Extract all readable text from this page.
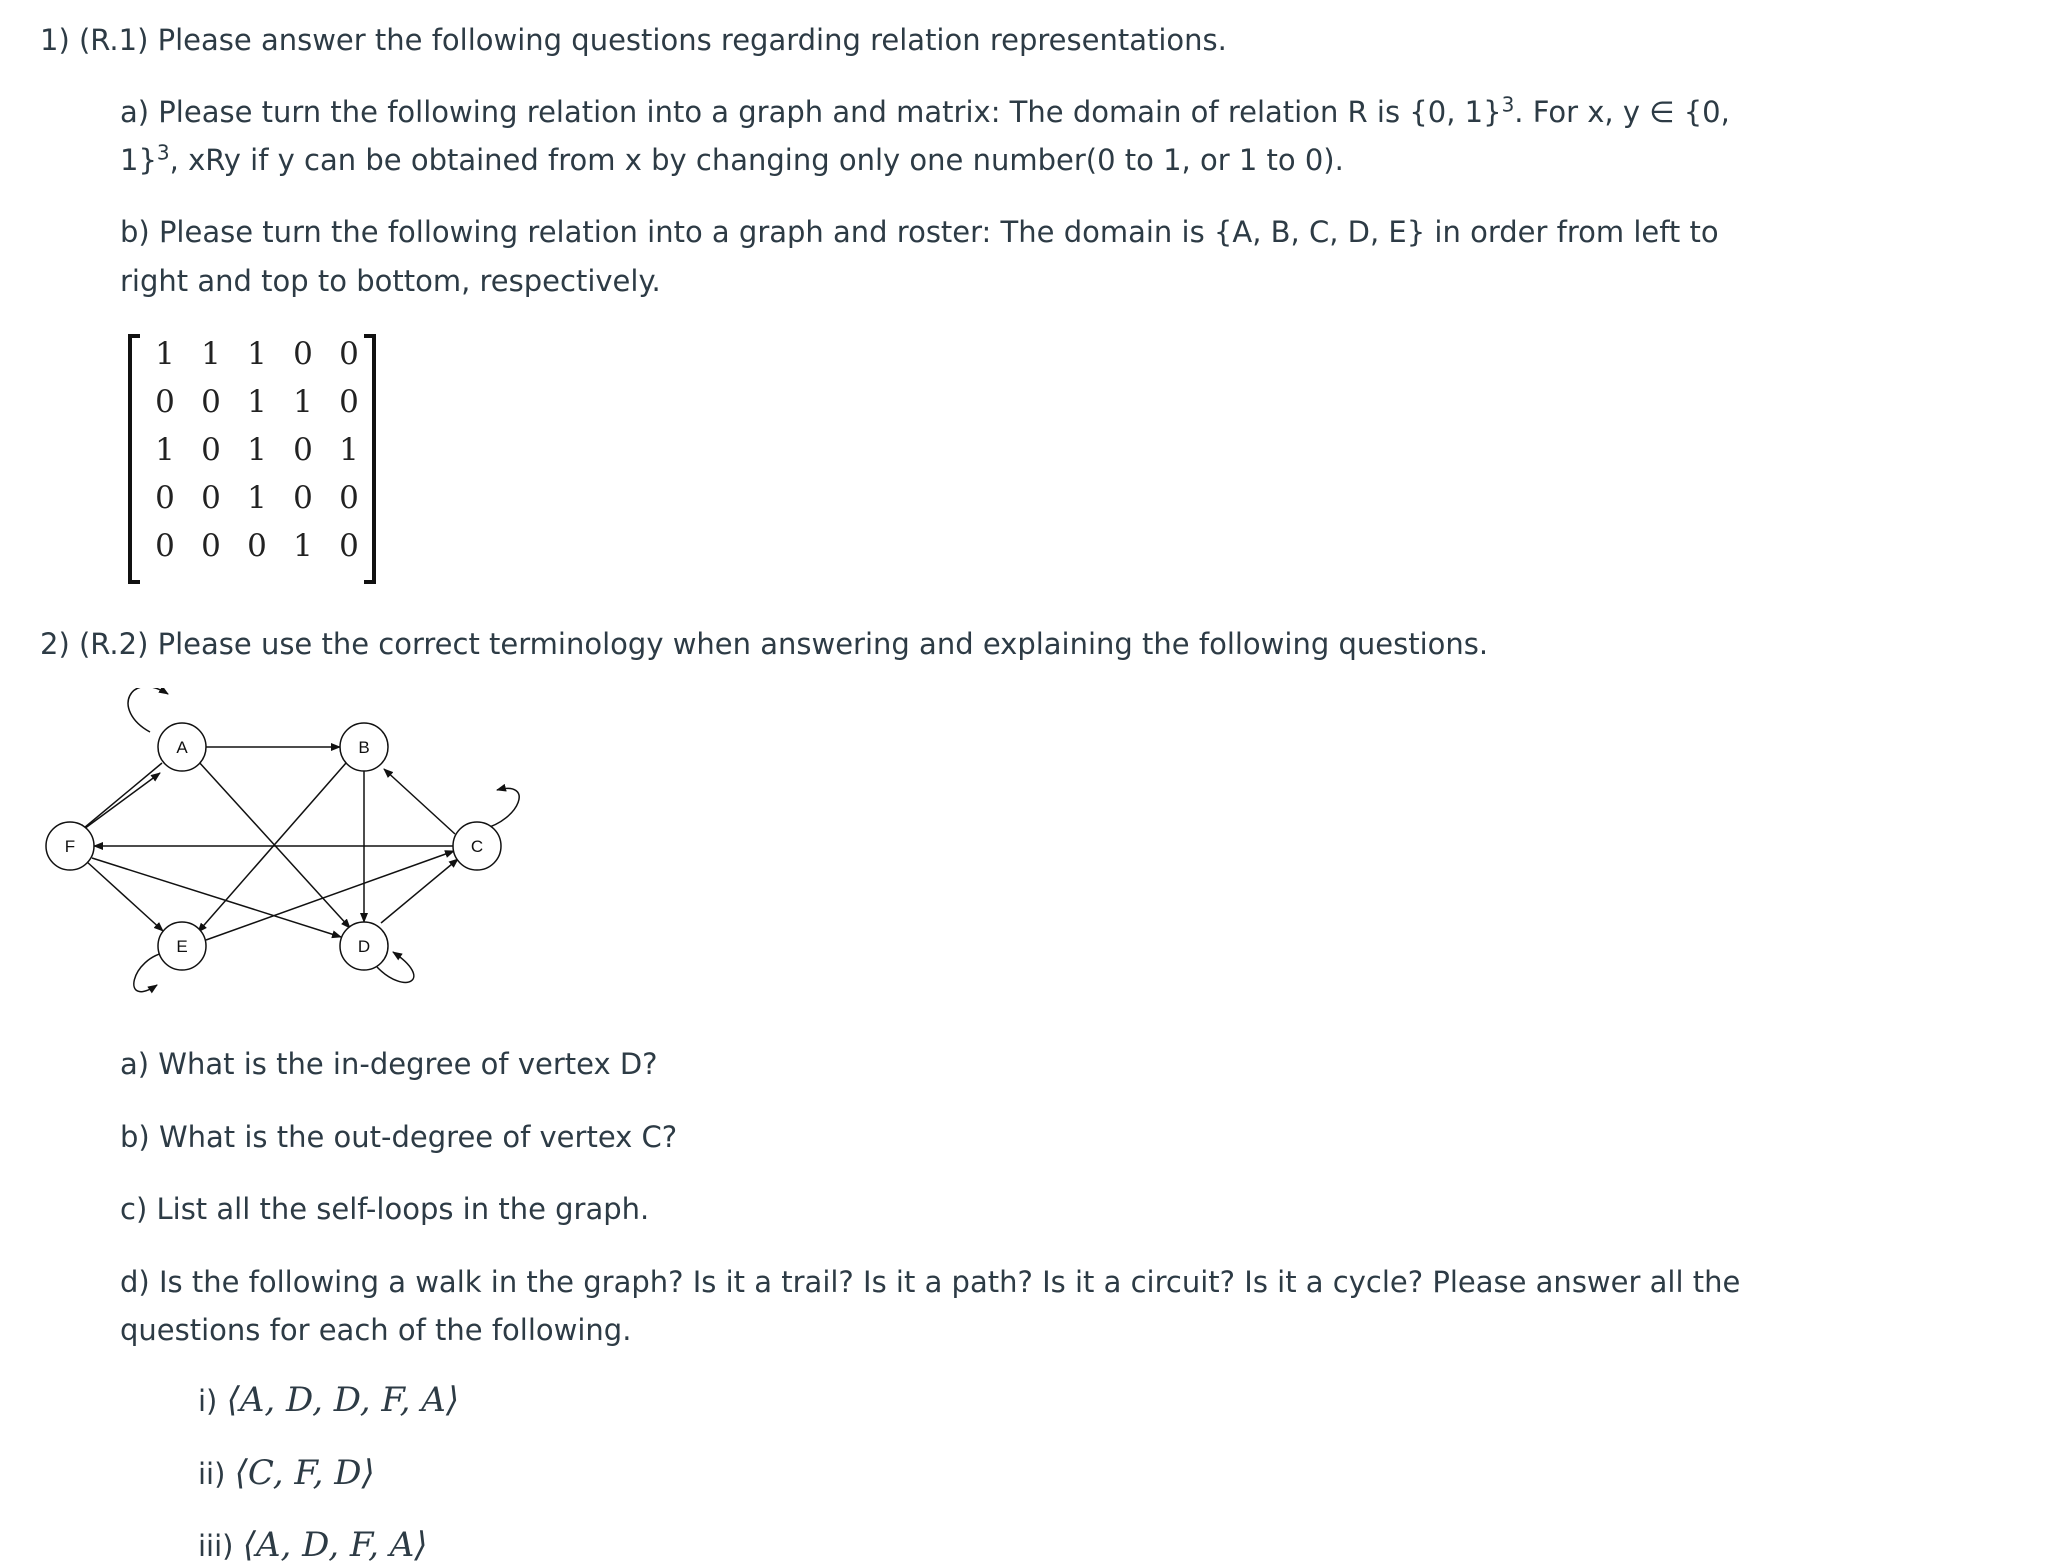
1) (R.1) Please answer the following questions regarding relation representations.
a) Please turn the following relation into a graph and matrix: The domain of relation R is {0, 1}$^3$. For x, y ∈ {0,
1}$^3$, xRy if y can be obtained from x by changing only one number(0 to 1, or 1 to 0).
b) Please turn the following relation into a graph and roster: The domain is {A, B, C, D, E} in order from left to
right and top to bottom, respectively.
1 1 1 0 0
0 0 1 1 0
1 0 1 0 1
0 0 1 0 0
0 0 0 1 0
2) (R.2) Please use the correct terminology when answering and explaining the following questions.
A	B
C
D
E
F
a) What is the in-degree of vertex D?
b) What is the out-degree of vertex C?
c) List all the self-loops in the graph.
d) Is the following a walk in the graph? Is it a trail? Is it a path? Is it a circuit? Is it a cycle? Please answer all the
questions for each of the following.
i) ⟨A, D, D, F, A⟩
ii) ⟨C, F, D⟩
iii) ⟨A, D, F, A⟩
